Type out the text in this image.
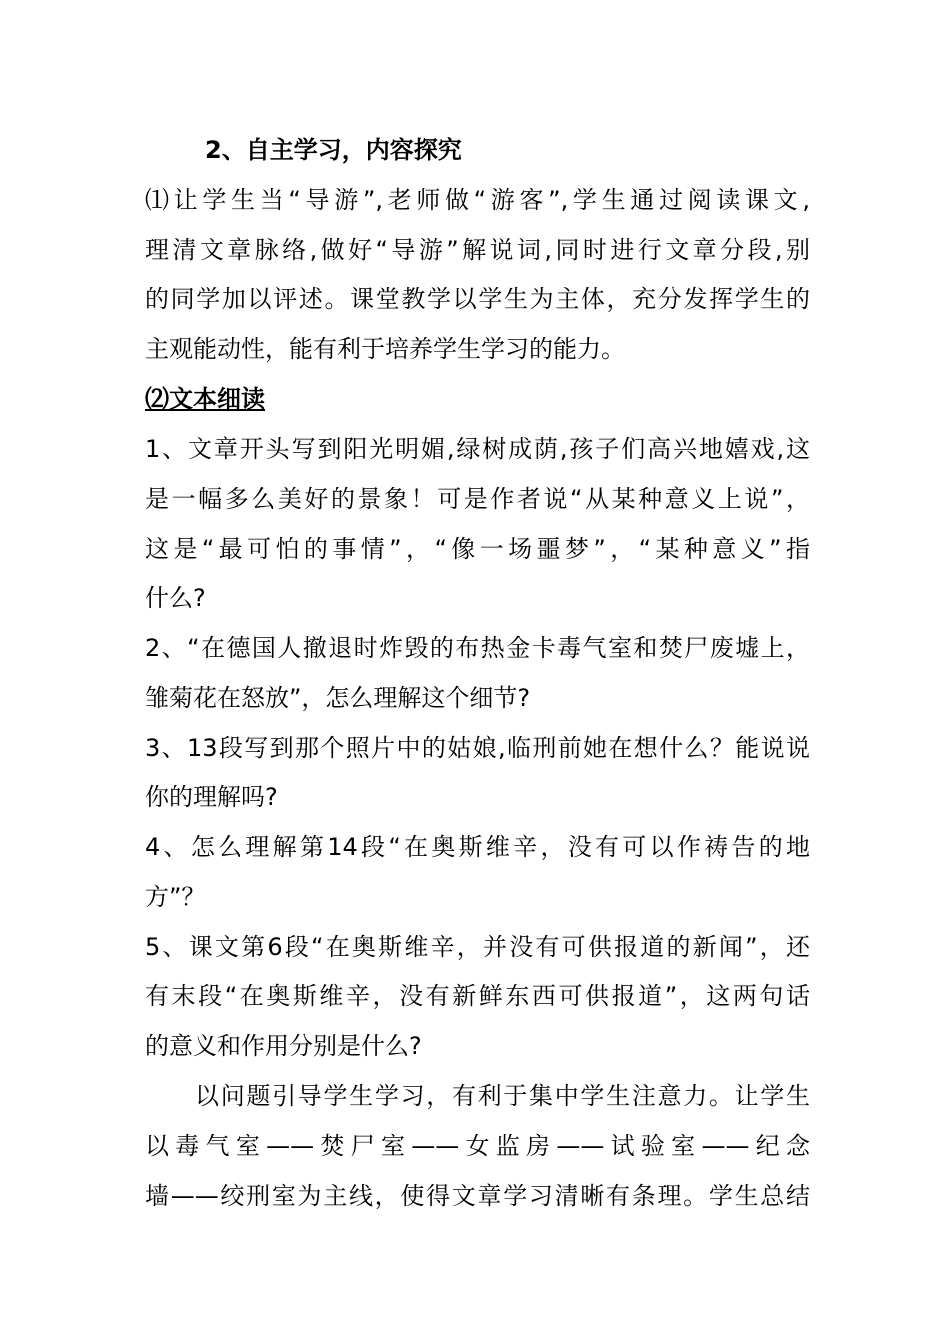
2、自主学习，内容探究
⑴让学生当“导游”,老师做“游客”,学生通过阅读课文,
理清文章脉络,做好“导游”解说词,同时进行文章分段,别
的同学加以评述。课堂教学以学生为主体，充分发挥学生的
主观能动性，能有利于培养学生学习的能力。
⑵文本细读
1、文章开头写到阳光明媚,绿树成荫,孩子们高兴地嬉戏,这
是一幅多么美好的景象！可是作者说“从某种意义上说”，
这是“最可怕的事情”，“像一场噩梦”，“某种意义”指
什么?
2、“在德国人撤退时炸毁的布热金卡毒气室和焚尸废墟上，
雏菊花在怒放”，怎么理解这个细节?
3、13段写到那个照片中的姑娘,临刑前她在想什么？能说说
你的理解吗?
4、怎么理解第14段“在奥斯维辛，没有可以作祷告的地
方”？
5、课文第6段“在奥斯维辛，并没有可供报道的新闻”，还
有末段“在奥斯维辛，没有新鲜东西可供报道”，这两句话
的意义和作用分别是什么?
以问题引导学生学习，有利于集中学生注意力。让学生
以毒气室——焚尸室——女监房——试验室——纪念
墙——绞刑室为主线，使得文章学习清晰有条理。学生总结
